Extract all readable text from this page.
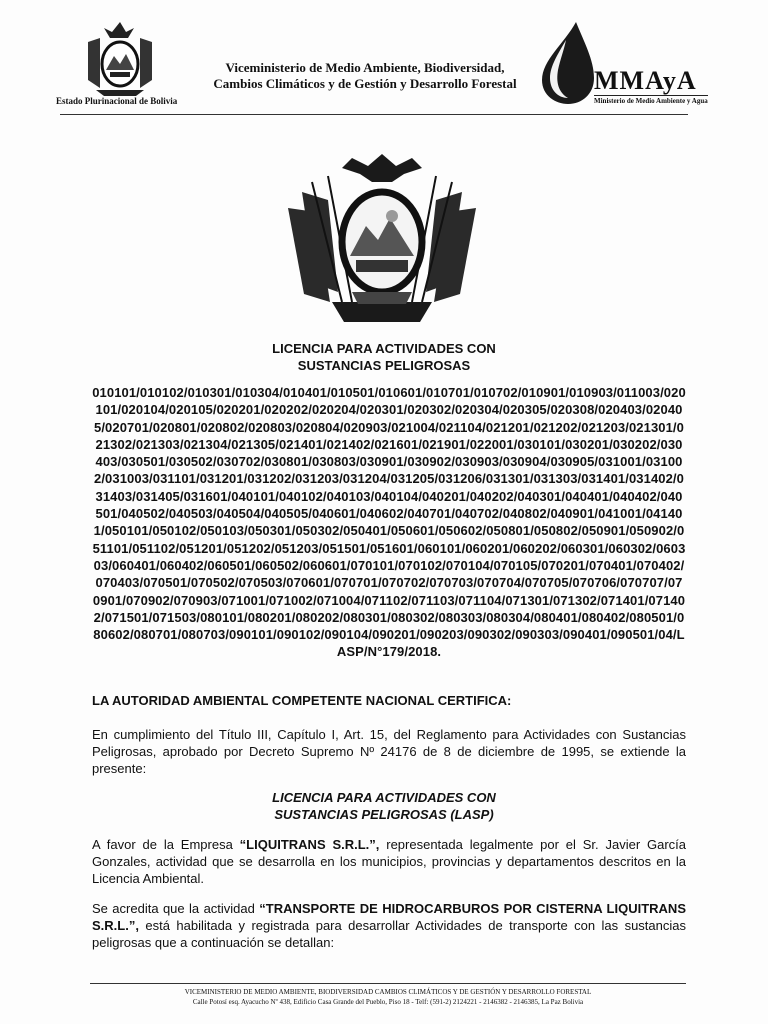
Estado Plurinacional de Bolivia
Viceministerio de Medio Ambiente, Biodiversidad,
Cambios Climáticos y de Gestión y Desarrollo Forestal	MMAyA
Ministerio de Medio Ambiente y Agua
LICENCIA PARA ACTIVIDADES CON
SUSTANCIAS PELIGROSAS
010101/010102/010301/010304/010401/010501/010601/010701/010702/010901/010903/011003/020101/020104/020105/020201/020202/020204/020301/020302/020304/020305/020308/020403/020405/020701/020801/020802/020803/020804/020903/021004/021104/021201/021202/021203/021301/021302/021303/021304/021305/021401/021402/021601/021901/022001/030101/030201/030202/030403/030501/030502/030702/030801/030803/030901/030902/030903/030904/030905/031001/031002/031003/031101/031201/031202/031203/031204/031205/031206/031301/031303/031401/031402/031403/031405/031601/040101/040102/040103/040104/040201/040202/040301/040401/040402/040501/040502/040503/040504/040505/040601/040602/040701/040702/040802/040901/041001/041401/050101/050102/050103/050301/050302/050401/050601/050602/050801/050802/050901/050902/051101/051102/051201/051202/051203/051501/051601/060101/060201/060202/060301/060302/060303/060401/060402/060501/060502/060601/070101/070102/070104/070105/070201/070401/070402/070403/070501/070502/070503/070601/070701/070702/070703/070704/070705/070706/070707/070901/070902/070903/071001/071002/071004/071102/071103/071104/071301/071302/071401/071402/071501/071503/080101/080201/080202/080301/080302/080303/080304/080401/080402/080501/080602/080701/080703/090101/090102/090104/090201/090203/090302/090303/090401/090501/04/LASP/N°179/2018.
LA AUTORIDAD AMBIENTAL COMPETENTE NACIONAL CERTIFICA:
En cumplimiento del Título III, Capítulo I, Art. 15, del Reglamento para Actividades con Sustancias Peligrosas, aprobado por Decreto Supremo Nº 24176 de 8 de diciembre de 1995, se extiende la presente:
LICENCIA PARA ACTIVIDADES CON
SUSTANCIAS PELIGROSAS (LASP)
A favor de la Empresa “LIQUITRANS S.R.L.”, representada legalmente por el Sr. Javier García Gonzales, actividad que se desarrolla en los municipios, provincias y departamentos descritos en la Licencia Ambiental.
Se acredita que la actividad “TRANSPORTE DE HIDROCARBUROS POR CISTERNA LIQUITRANS S.R.L.”, está habilitada y registrada para desarrollar Actividades de transporte con las sustancias peligrosas que a continuación se detallan:
VICEMINISTERIO DE MEDIO AMBIENTE, BIODIVERSIDAD CAMBIOS CLIMÁTICOS Y DE GESTIÓN Y DESARROLLO FORESTAL
Calle Potosí esq. Ayacucho Nº 438, Edificio Casa Grande del Pueblo, Piso 18 - Telf: (591-2) 2124221 - 2146382 - 2146385, La Paz Bolivia
